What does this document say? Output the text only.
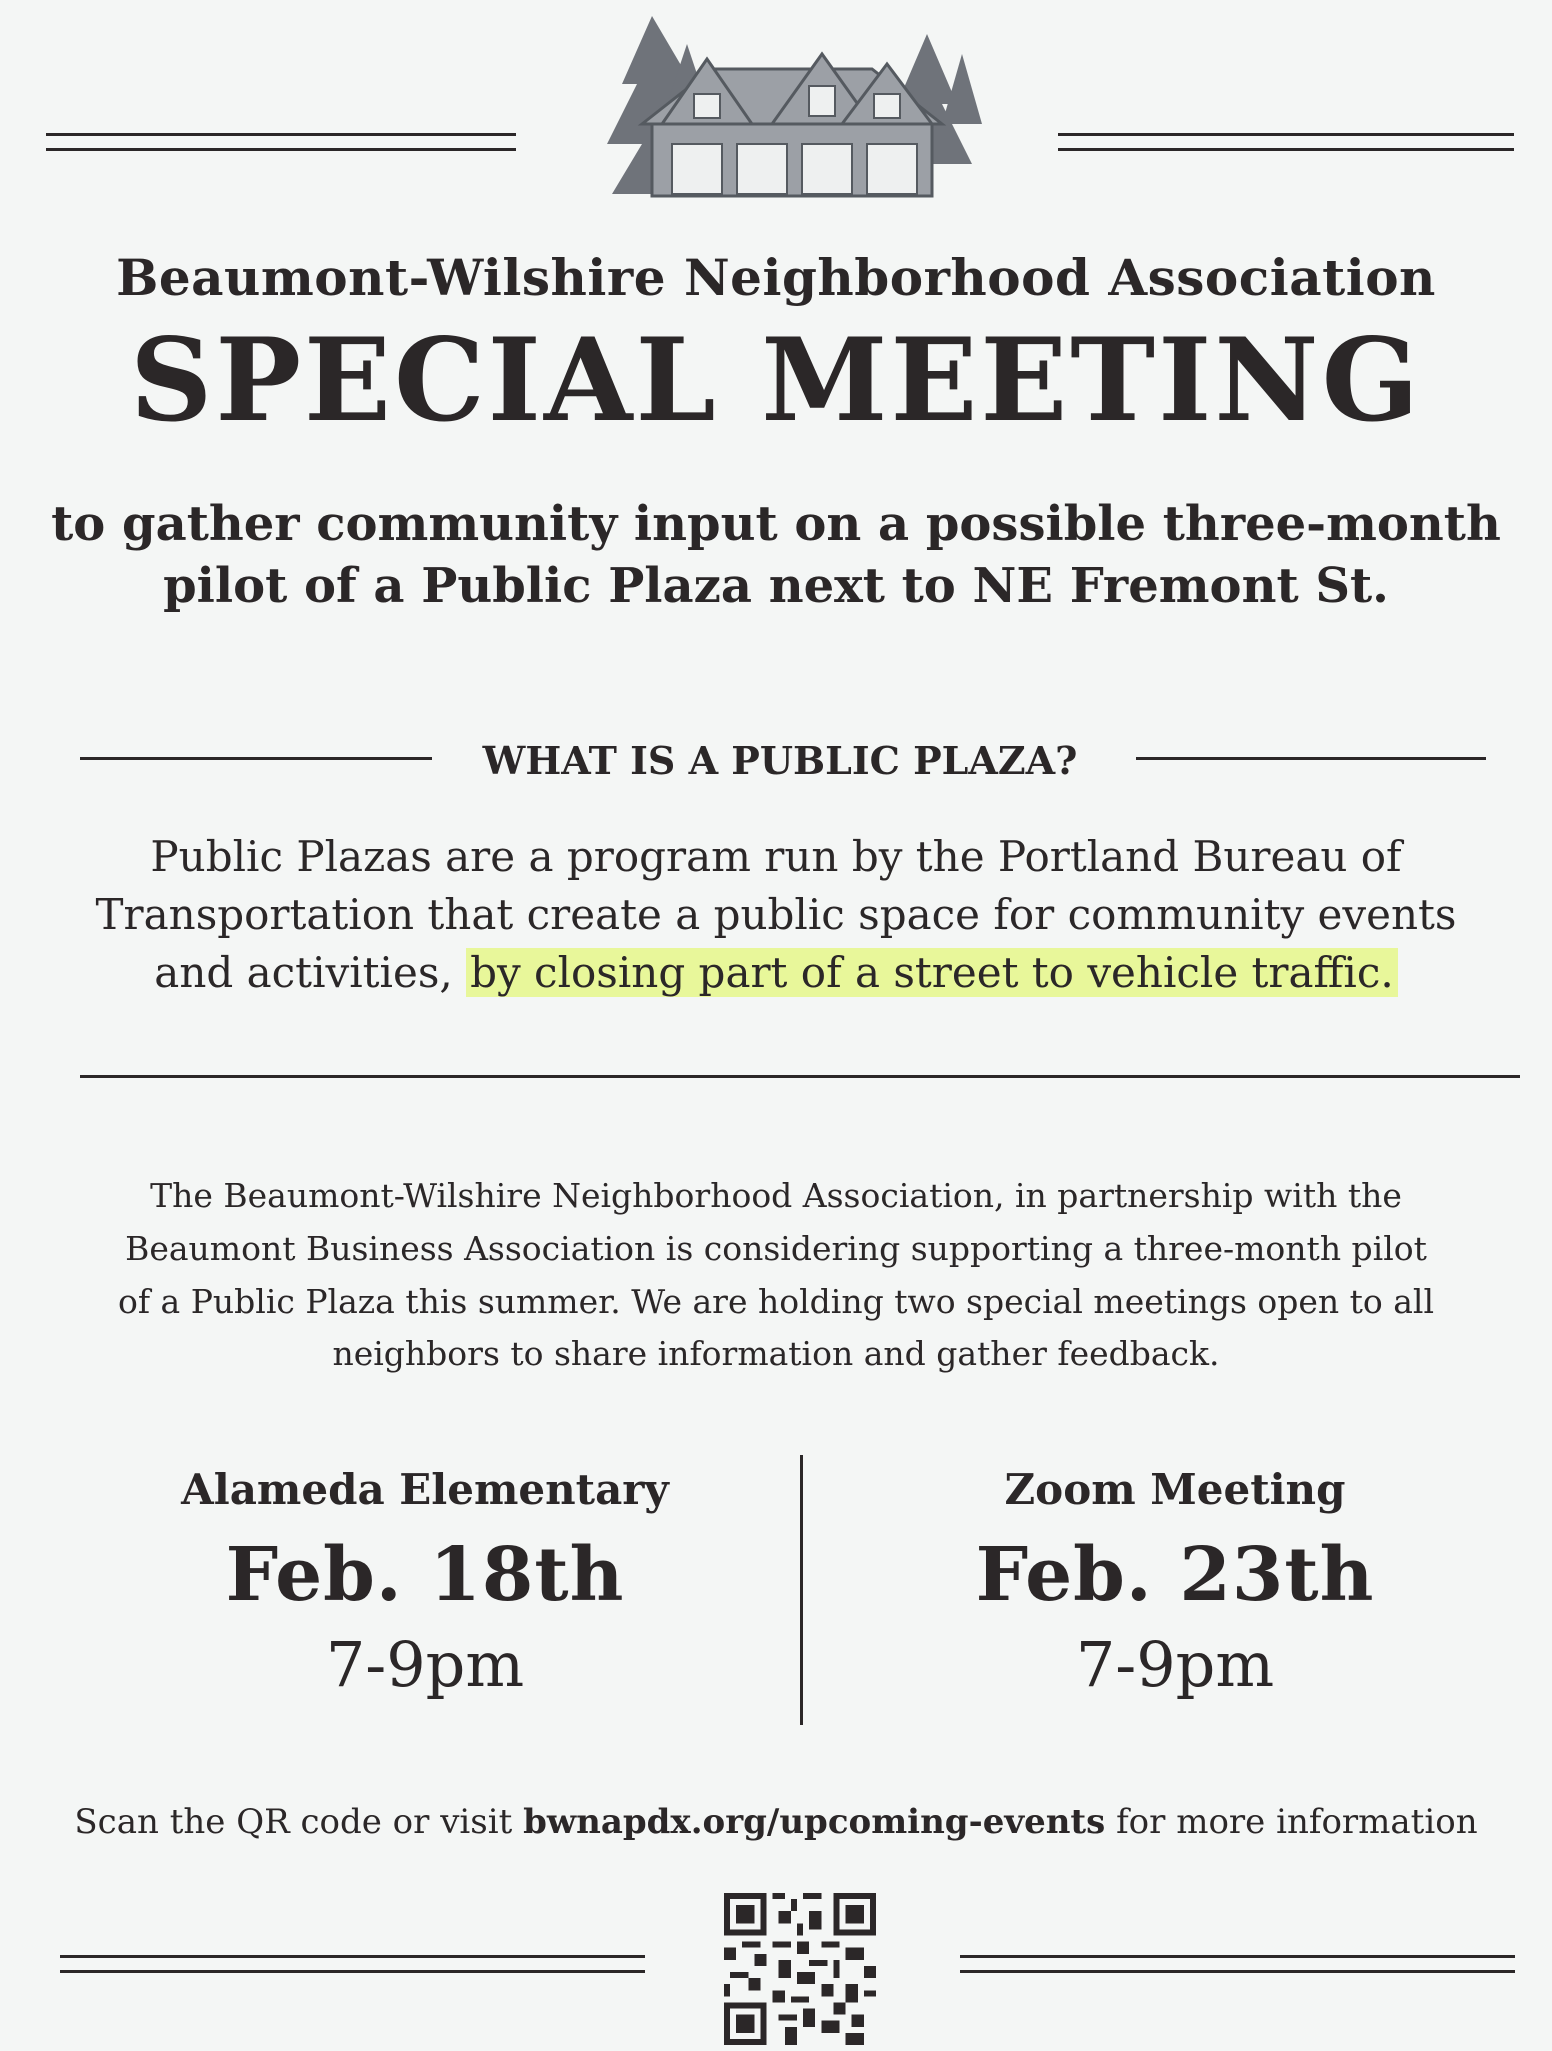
Beaumont-Wilshire Neighborhood Association
SPECIAL MEETING
to gather community input on a possible three-month pilot of a Public Plaza next to NE Fremont St.
WHAT IS A PUBLIC PLAZA?
Public Plazas are a program run by the Portland Bureau of Transportation that create a public space for community events and activities, by closing part of a street to vehicle traffic.
The Beaumont-Wilshire Neighborhood Association, in partnership with the Beaumont Business Association is considering supporting a three-month pilot of a Public Plaza this summer. We are holding two special meetings open to all neighbors to share information and gather feedback.
Alameda Elementary
Feb. 18th
7-9pm
Zoom Meeting
Feb. 23th
7-9pm
Scan the QR code or visit bwnapdx.org/upcoming-events for more information
